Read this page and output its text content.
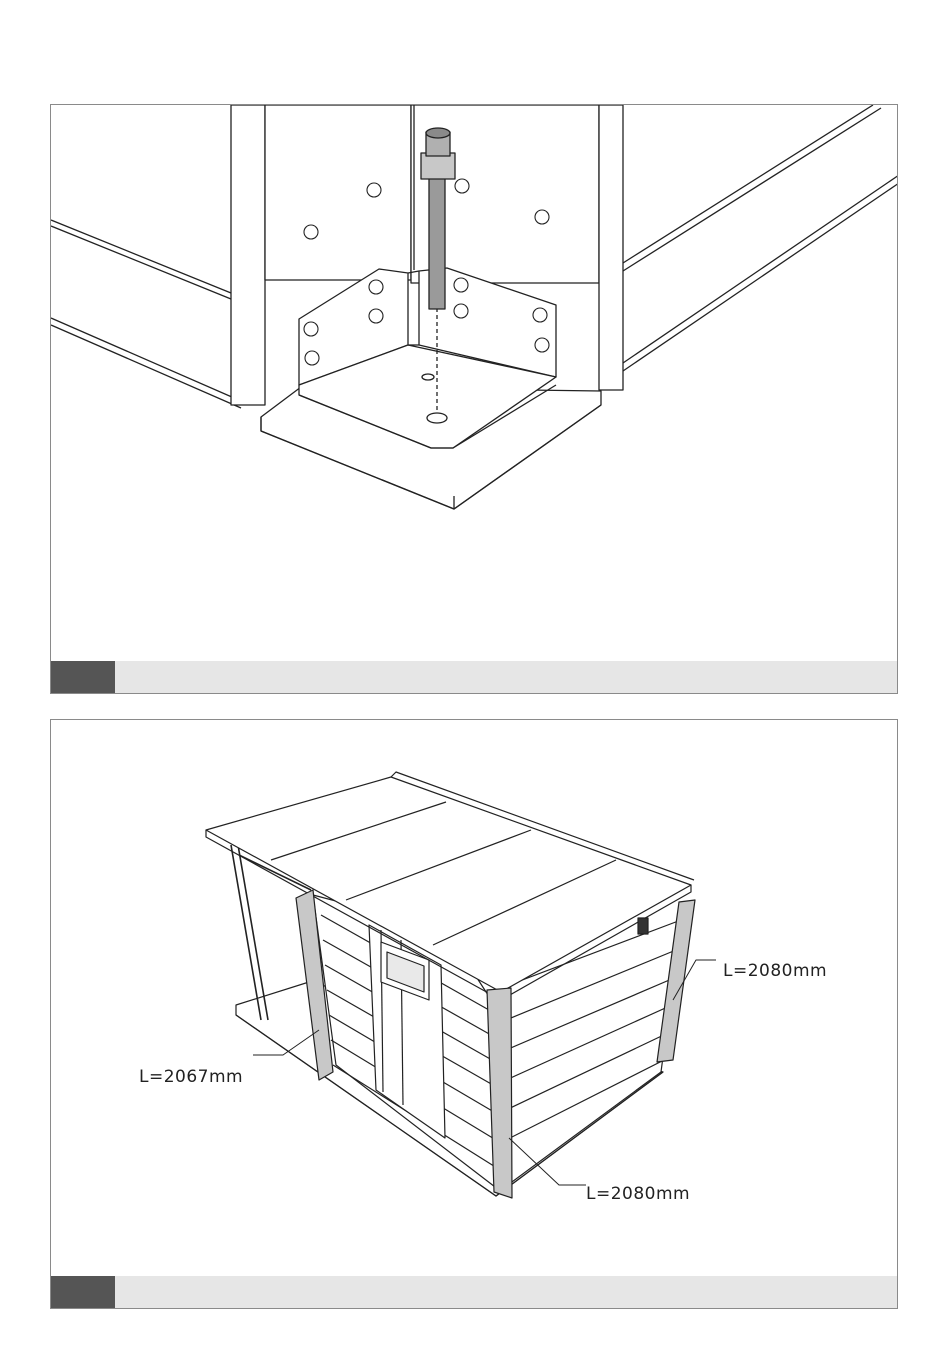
L=2067mm
L=2080mm
L=2080mm
